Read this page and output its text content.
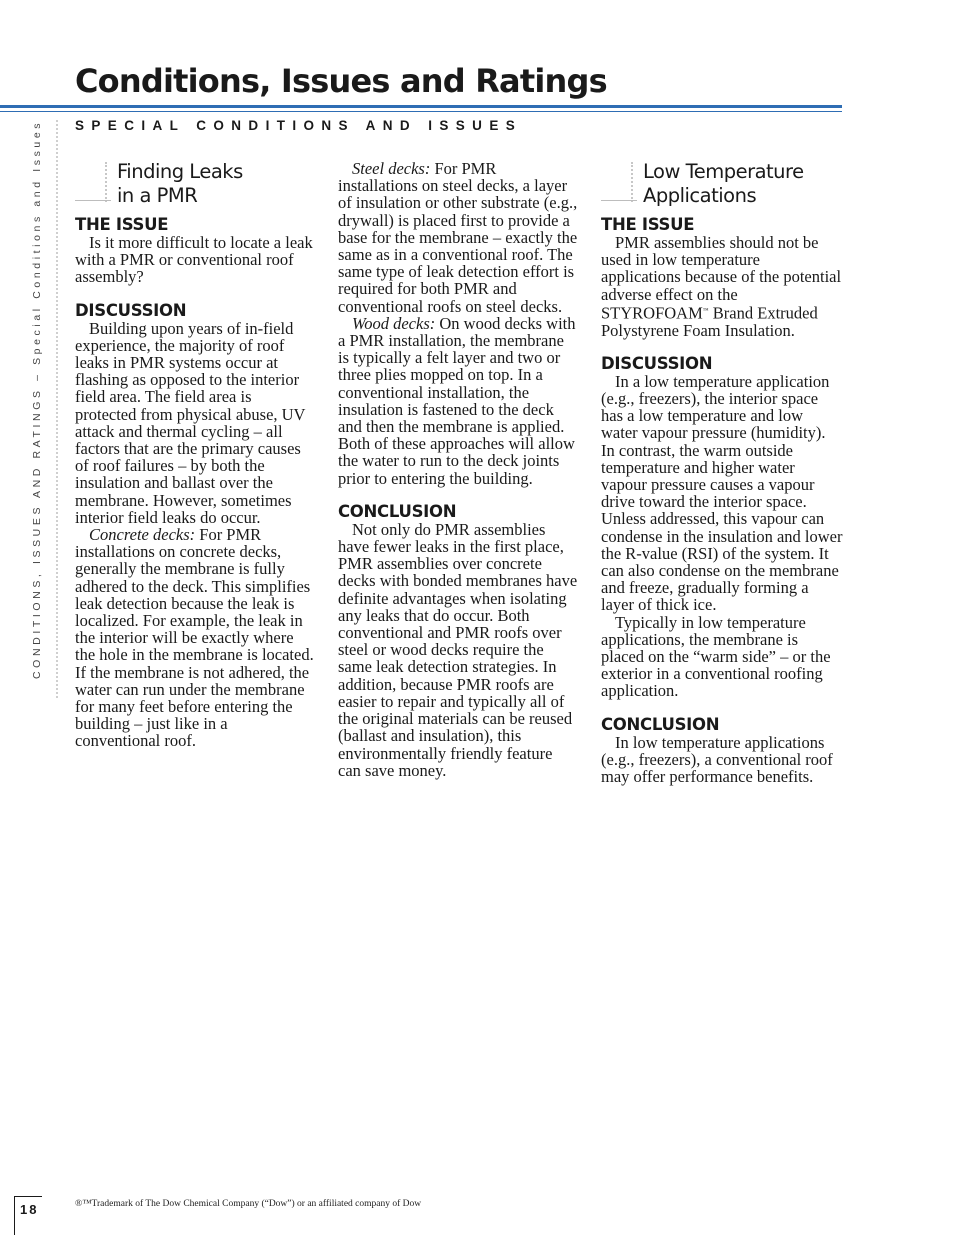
Conditions, Issues and Ratings
SPECIAL CONDITIONS AND ISSUES
CONDITIONS, ISSUES AND RATINGS – Special Conditions and Issues	Finding Leaks
in a PMR
THE ISSUE

Is it more difficult to locate a leak with a PMR or conventional roof assembly?

DISCUSSION

Building upon years of in-field experience, the majority of roof leaks in PMR systems occur at flashing as opposed to the interior field area. The field area is protected from physical abuse, UV attack and thermal cycling – all factors that are the primary causes of roof failures – by both the insulation and ballast over the membrane. However, sometimes interior field leaks do occur.

Concrete decks: For PMR installations on concrete decks, generally the membrane is fully adhered to the deck. This simplifies leak detection because the leak is localized. For example, the leak in the interior will be exactly where the hole in the membrane is located. If the membrane is not adhered, the water can run under the membrane for many feet before entering the building – just like in a conventional roof.

Steel decks: For PMR installations on steel decks, a layer of insulation or other substrate (e.g., drywall) is placed first to provide a base for the membrane – exactly the same as in a conventional roof. The same type of leak detection effort is required for both PMR and conventional roofs on steel decks.

Wood decks: On wood decks with a PMR installation, the membrane is typically a felt layer and two or three plies mopped on top. In a conventional installation, the insulation is fastened to the deck and then the membrane is applied. Both of these approaches will allow the water to run to the deck joints prior to entering the building.

CONCLUSION

Not only do PMR assemblies have fewer leaks in the first place, PMR assemblies over concrete decks with bonded membranes have definite advantages when isolating any leaks that do occur. Both conventional and PMR roofs over steel or wood decks require the same leak detection strategies. In addition, because PMR roofs are easier to repair and typically all of the original materials can be reused (ballast and insulation), this environmentally friendly feature can save money.

Low Temperature
Applications
THE ISSUE

PMR assemblies should not be used in low temperature applications because of the potential adverse effect on the STYROFOAM™ Brand Extruded Polystyrene Foam Insulation.

DISCUSSION

In a low temperature application (e.g., freezers), the interior space has a low temperature and low water vapour pressure (humidity). In contrast, the warm outside temperature and higher water vapour pressure causes a vapour drive toward the interior space. Unless addressed, this vapour can condense in the insulation and lower the R-value (RSI) of the system. It can also condense on the membrane and freeze, gradually forming a layer of thick ice.

Typically in low temperature applications, the membrane is placed on the “warm side” – or the exterior in a conventional roofing application.

CONCLUSION

In low temperature applications (e.g., freezers), a conventional roof may offer performance benefits.

18	®™Trademark of The Dow Chemical Company (“Dow”) or an affiliated company of Dow
